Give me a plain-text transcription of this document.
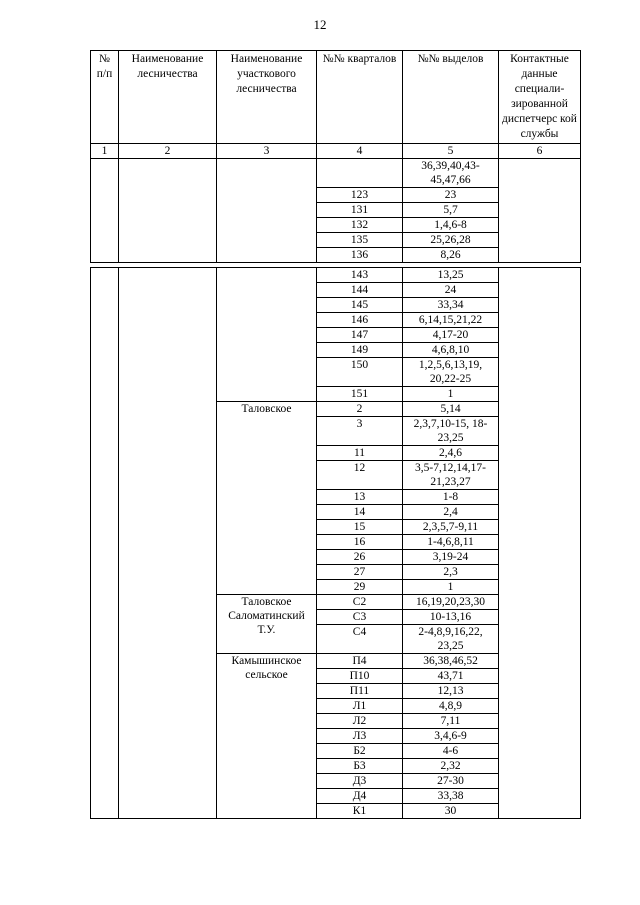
12
№ п/п	Наименование лесничества	Наименование участкового лесничества	№№ кварталов	№№ выделов	Контактные данные специали-зированной диспетчерс кой службы
1	2	3	4	5	6
				36,39,40,43-45,47,66	
			123	23	
			131	5,7	
			132	1,4,6-8	
			135	25,26,28	
			136	8,26	

			143	13,25	
			144	24	
			145	33,34	
			146	6,14,15,21,22	
			147	4,17-20	
			149	4,6,8,10	
			150	1,2,5,6,13,19, 20,22-25	
			151	1	
		Таловское	2	5,14	
			3	2,3,7,10-15, 18-23,25	
			11	2,4,6	
			12	3,5-7,12,14,17-21,23,27	
			13	1-8	
			14	2,4	
			15	2,3,5,7-9,11	
			16	1-4,6,8,11	
			26	3,19-24	
			27	2,3	
			29	1	
		Таловское Саломатинский Т.У.	С2	16,19,20,23,30	
			С3	10-13,16	
			С4	2-4,8,9,16,22, 23,25	
		Камышинское сельское	П4	36,38,46,52	
			П10	43,71	
			П11	12,13	
			Л1	4,8,9	
			Л2	7,11	
			Л3	3,4,6-9	
			Б2	4-6	
			Б3	2,32	
			Д3	27-30	
			Д4	33,38	
			К1	30	
